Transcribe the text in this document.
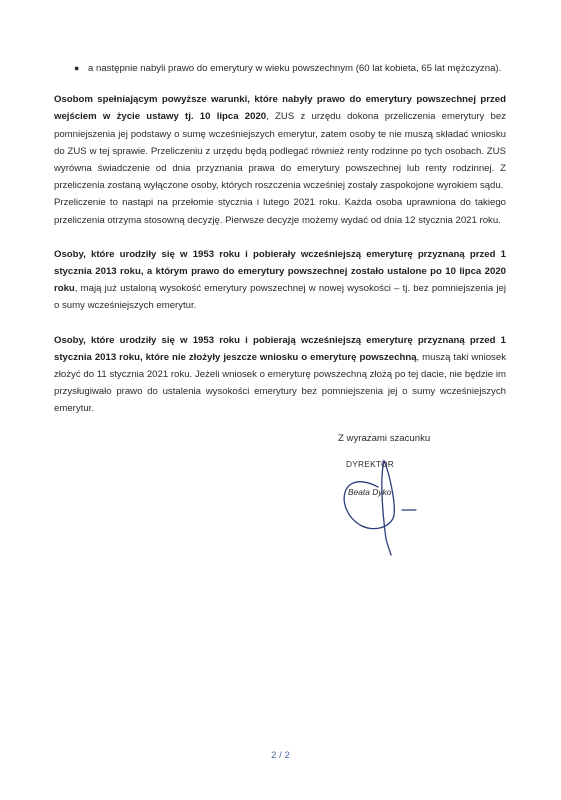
● a następnie nabyli prawo do emerytury w wieku powszechnym (60 lat kobieta, 65 lat mężczyzna).

Osobom spełniającym powyższe warunki, które nabyły prawo do emerytury powszechnej przed wejściem w życie ustawy tj. 10 lipca 2020, ZUS z urzędu dokona przeliczenia emerytury bez pomniejszenia jej podstawy o sumę wcześniejszych emerytur, zatem osoby te nie muszą składać wniosku do ZUS w tej sprawie. Przeliczeniu z urzędu będą podlegać również renty rodzinne po tych osobach. ZUS wyrówna świadczenie od dnia przyznania prawa do emerytury powszechnej lub renty rodzinnej. Z przeliczenia zostaną wyłączone osoby, których roszczenia wcześniej zostały zaspokojone wyrokiem sądu.

Przeliczenie to nastąpi na przełomie stycznia i lutego 2021 roku. Każda osoba uprawniona do takiego przeliczenia otrzyma stosowną decyzję. Pierwsze decyzje możemy wydać od dnia 12 stycznia 2021 roku.

Osoby, które urodziły się w 1953 roku i pobierały wcześniejszą emeryturę przyznaną przed 1 stycznia 2013 roku, a którym prawo do emerytury powszechnej zostało ustalone po 10 lipca 2020 roku, mają już ustaloną wysokość emerytury powszechnej w nowej wysokości – tj. bez pomniejszenia jej o sumy wcześniejszych emerytur.

Osoby, które urodziły się w 1953 roku i pobierają wcześniejszą emeryturę przyznaną przed 1 stycznia 2013 roku, które nie złożyły jeszcze wniosku o emeryturę powszechną, muszą taki wniosek złożyć do 11 stycznia 2021 roku. Jeżeli wniosek o emeryturę powszechną złożą po tej dacie, nie będzie im przysługiwało prawo do ustalenia wysokości emerytury bez pomniejszenia jej o sumy wcześniejszych emerytur.

Z wyrazami szacunku
DYREKTOR
Beata Dyko
2 / 2
